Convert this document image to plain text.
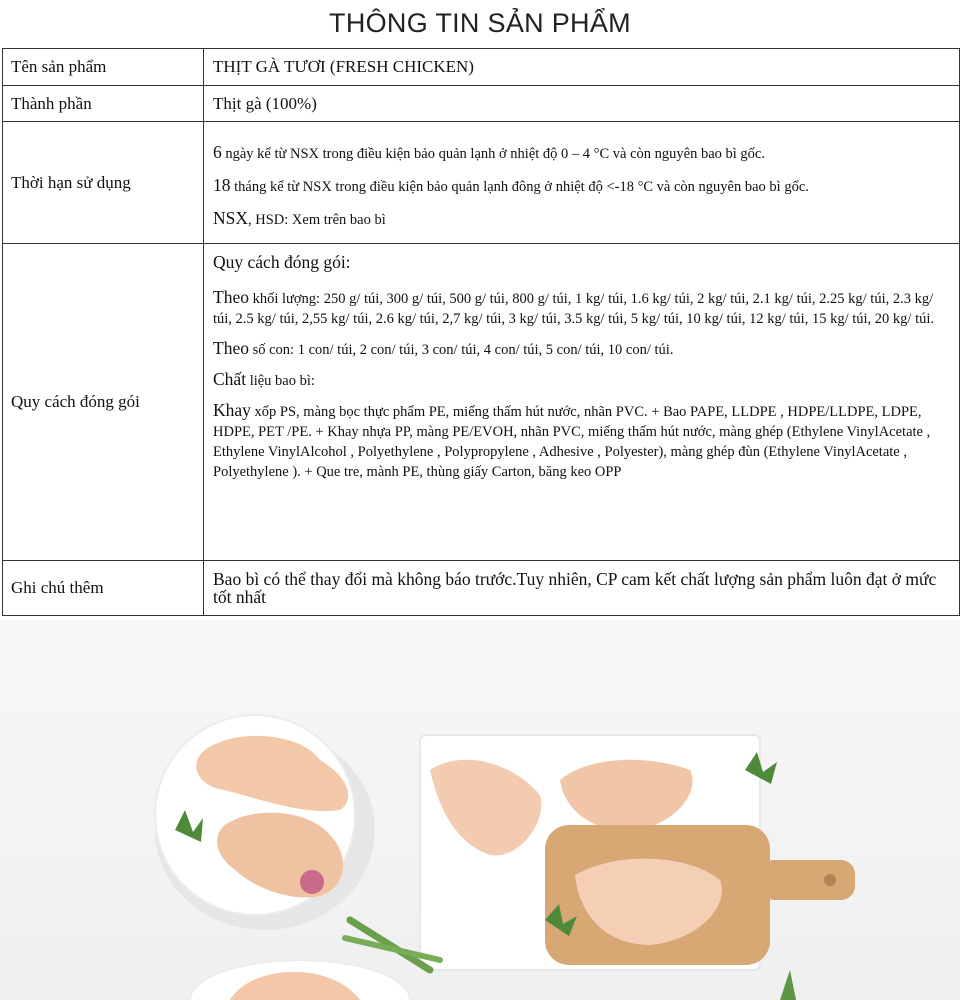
THÔNG TIN SẢN PHẨM
Tên sản phẩm	THỊT GÀ TƯƠI (FRESH CHICKEN)
Thành phần	Thịt gà (100%)
Thời hạn sử dụng	6 ngày kể từ NSX trong điều kiện bảo quản lạnh ở nhiệt độ 0 – 4 °C và còn nguyên bao bì gốc.

18 tháng kể từ NSX trong điều kiện bảo quản lạnh đông ở nhiệt độ <-18 °C và còn nguyên bao bì gốc.

NSX, HSD: Xem trên bao bì

Quy cách đóng gói	Quy cách đóng gói:

Theo khối lượng: 250 g/ túi, 300 g/ túi, 500 g/ túi, 800 g/ túi, 1 kg/ túi, 1.6 kg/ túi, 2 kg/ túi, 2.1 kg/ túi, 2.25 kg/ túi, 2.3 kg/ túi, 2.5 kg/ túi, 2,55 kg/ túi, 2.6 kg/ túi, 2,7 kg/ túi, 3 kg/ túi, 3.5 kg/ túi, 5 kg/ túi, 10 kg/ túi, 12 kg/ túi, 15 kg/ túi, 20 kg/ túi.

Theo số con: 1 con/ túi, 2 con/ túi, 3 con/ túi, 4 con/ túi, 5 con/ túi, 10 con/ túi.

Chất liệu bao bì:

Khay xốp PS, màng bọc thực phẩm PE, miếng thấm hút nước, nhãn PVC. + Bao PAPE, LLDPE , HDPE/LLDPE, LDPE, HDPE, PET /PE. + Khay nhựa PP, màng PE/EVOH, nhãn PVC, miếng thấm hút nước, màng ghép (Ethylene VinylAcetate , Ethylene VinylAlcohol , Polyethylene , Polypropylene , Adhesive , Polyester), màng ghép đùn (Ethylene VinylAcetate , Polyethylene ). + Que tre, mành PE, thùng giấy Carton, băng keo OPP

Ghi chú thêm	Bao bì có thể thay đổi mà không báo trước.Tuy nhiên, CP cam kết chất lượng sản phẩm luôn đạt ở mức tốt nhất
